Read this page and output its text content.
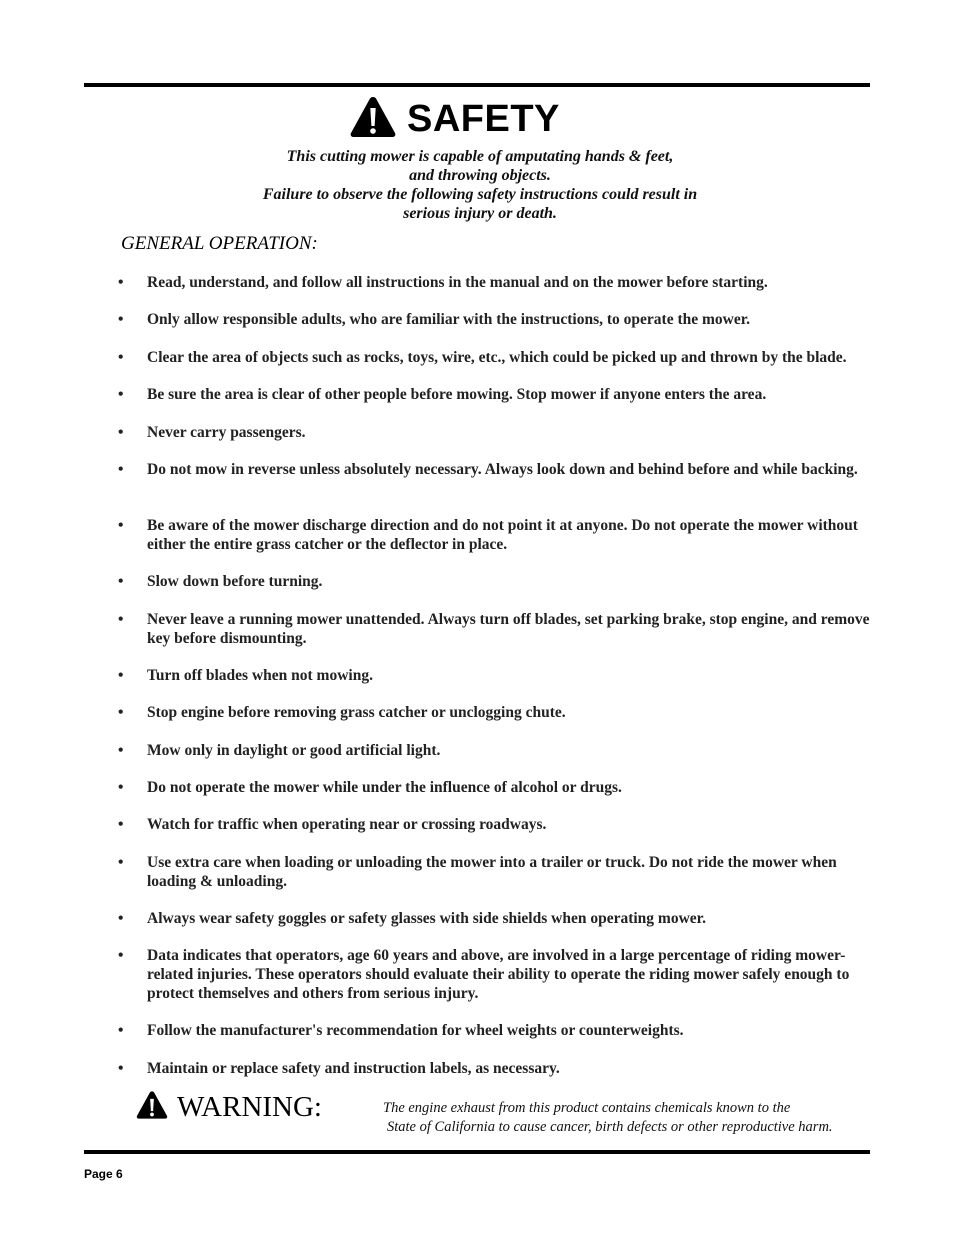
SAFETY
This cutting mower is capable of amputating hands & feet,
and throwing objects.
Failure to observe the following safety instructions could result in
serious injury or death.
GENERAL OPERATION:
•	Read, understand, and follow all instructions in the manual and on the mower before starting.
•	Only allow responsible adults, who are familiar with the instructions, to operate the mower.
•	Clear the area of objects such as rocks, toys, wire, etc., which could be picked up and thrown by the blade.
•	Be sure the area is clear of other people before mowing. Stop mower if anyone enters the area.
•	Never carry passengers.
•	Do not mow in reverse unless absolutely necessary. Always look down and behind before and while backing.
•	Be aware of the mower discharge direction and do not point it at anyone. Do not operate the mower without either the entire grass catcher or the deflector in place.
•	Slow down before turning.
•	Never leave a running mower unattended. Always turn off blades, set parking brake, stop engine, and remove key before dismounting.
•	Turn off blades when not mowing.
•	Stop engine before removing grass catcher or unclogging chute.
•	Mow only in daylight or good artificial light.
•	Do not operate the mower while under the influence of alcohol or drugs.
•	Watch for traffic when operating near or crossing roadways.
•	Use extra care when loading or unloading the mower into a trailer or truck. Do not ride the mower when loading & unloading.
•	Always wear safety goggles or safety glasses with side shields when operating mower.
•	Data indicates that operators, age 60 years and above, are involved in a large percentage of riding mower-related injuries. These operators should evaluate their ability to operate the riding mower safely enough to protect themselves and others from serious injury.
•	Follow the manufacturer's recommendation for wheel weights or counterweights.
•	Maintain or replace safety and instruction labels, as necessary.
WARNING:	The engine exhaust from this product contains chemicals known to the
State of California to cause cancer, birth defects or other reproductive harm.
Page 6
